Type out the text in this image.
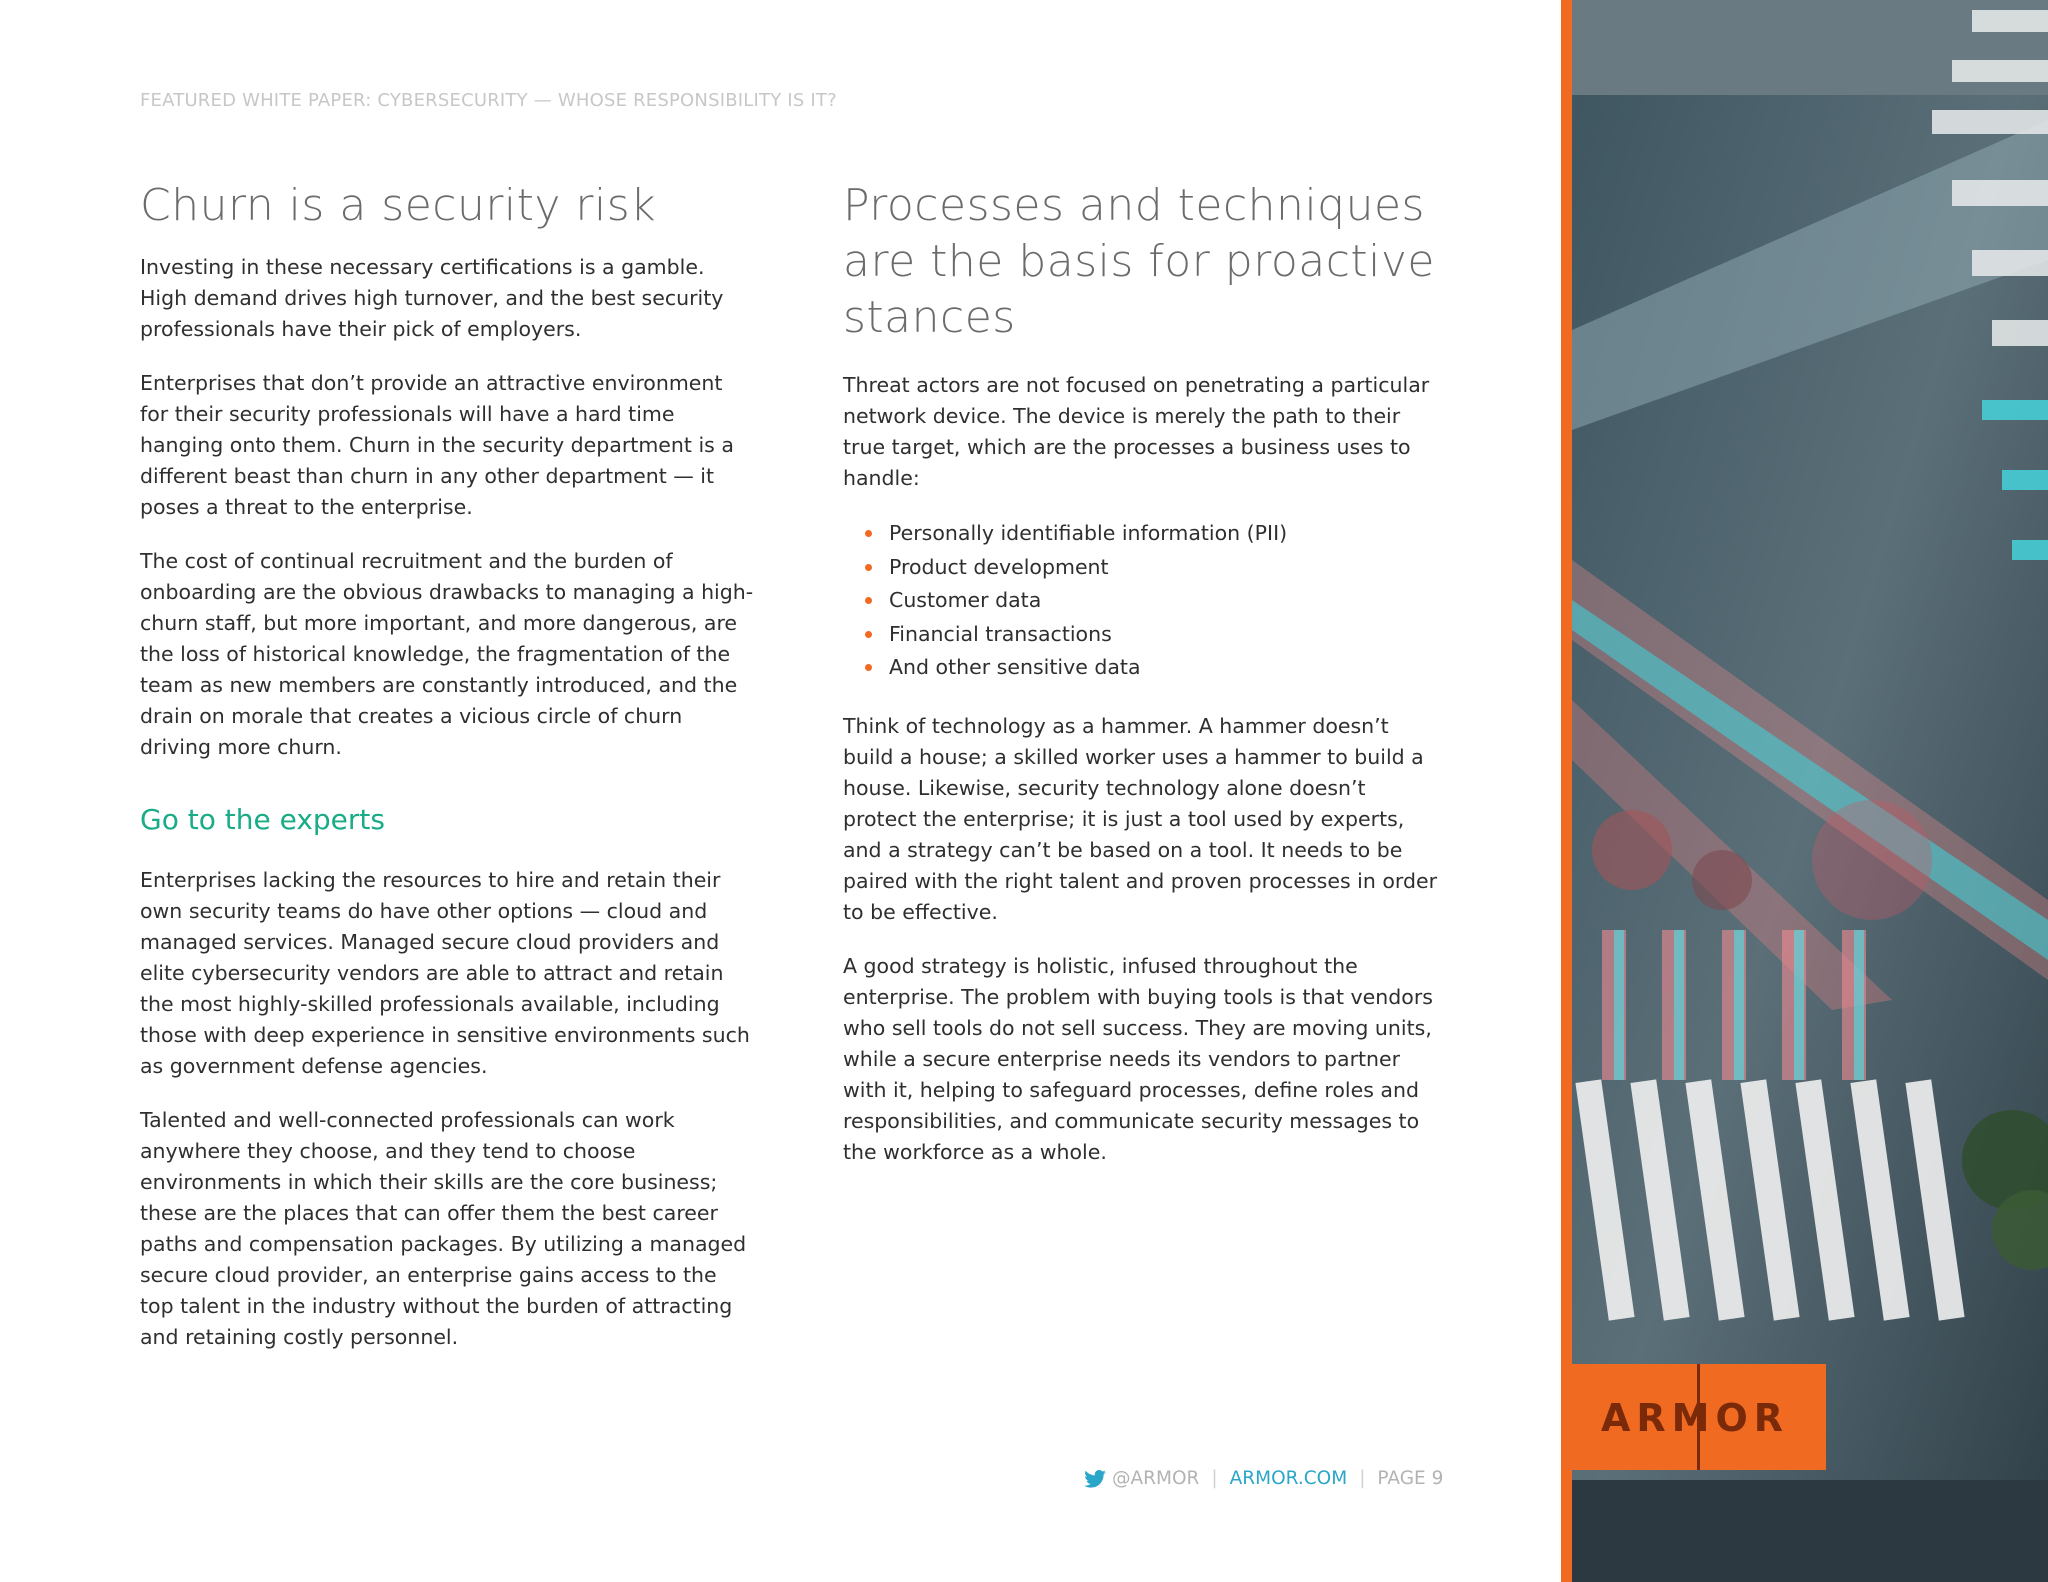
FEATURED WHITE PAPER: CYBERSECURITY — WHOSE RESPONSIBILITY IS IT?
Churn is a security risk

Investing in these necessary certifications is a gamble. High demand drives high turnover, and the best security professionals have their pick of employers.

Enterprises that don’t provide an attractive environment for their security professionals will have a hard time hanging onto them. Churn in the security department is a different beast than churn in any other department — it poses a threat to the enterprise.

The cost of continual recruitment and the burden of onboarding are the obvious drawbacks to managing a high-churn staff, but more important, and more dangerous, are the loss of historical knowledge, the fragmentation of the team as new members are constantly introduced, and the drain on morale that creates a vicious circle of churn driving more churn.

Go to the experts

Enterprises lacking the resources to hire and retain their own security teams do have other options — cloud and managed services. Managed secure cloud providers and elite cybersecurity vendors are able to attract and retain the most highly-skilled professionals available, including those with deep experience in sensitive environments such as government defense agencies.

Talented and well-connected professionals can work anywhere they choose, and they tend to choose environments in which their skills are the core business; these are the places that can offer them the best career paths and compensation packages. By utilizing a managed secure cloud provider, an enterprise gains access to the top talent in the industry without the burden of attracting and retaining costly personnel.

Processes and techniques are the basis for proactive stances

Threat actors are not focused on penetrating a particular network device. The device is merely the path to their true target, which are the processes a business uses to handle:

Personally identifiable information (PII)
Product development
Customer data
Financial transactions
And other sensitive data

Think of technology as a hammer. A hammer doesn’t build a house; a skilled worker uses a hammer to build a house. Likewise, security technology alone doesn’t protect the enterprise; it is just a tool used by experts, and a strategy can’t be based on a tool. It needs to be paired with the right talent and proven processes in order to be effective.

A good strategy is holistic, infused throughout the enterprise. The problem with buying tools is that vendors who sell tools do not sell success. They are moving units, while a secure enterprise needs its vendors to partner with it, helping to safeguard processes, define roles and responsibilities, and communicate security messages to the workforce as a whole.

@ARMOR | ARMOR.COM | PAGE 9
ARMOR
